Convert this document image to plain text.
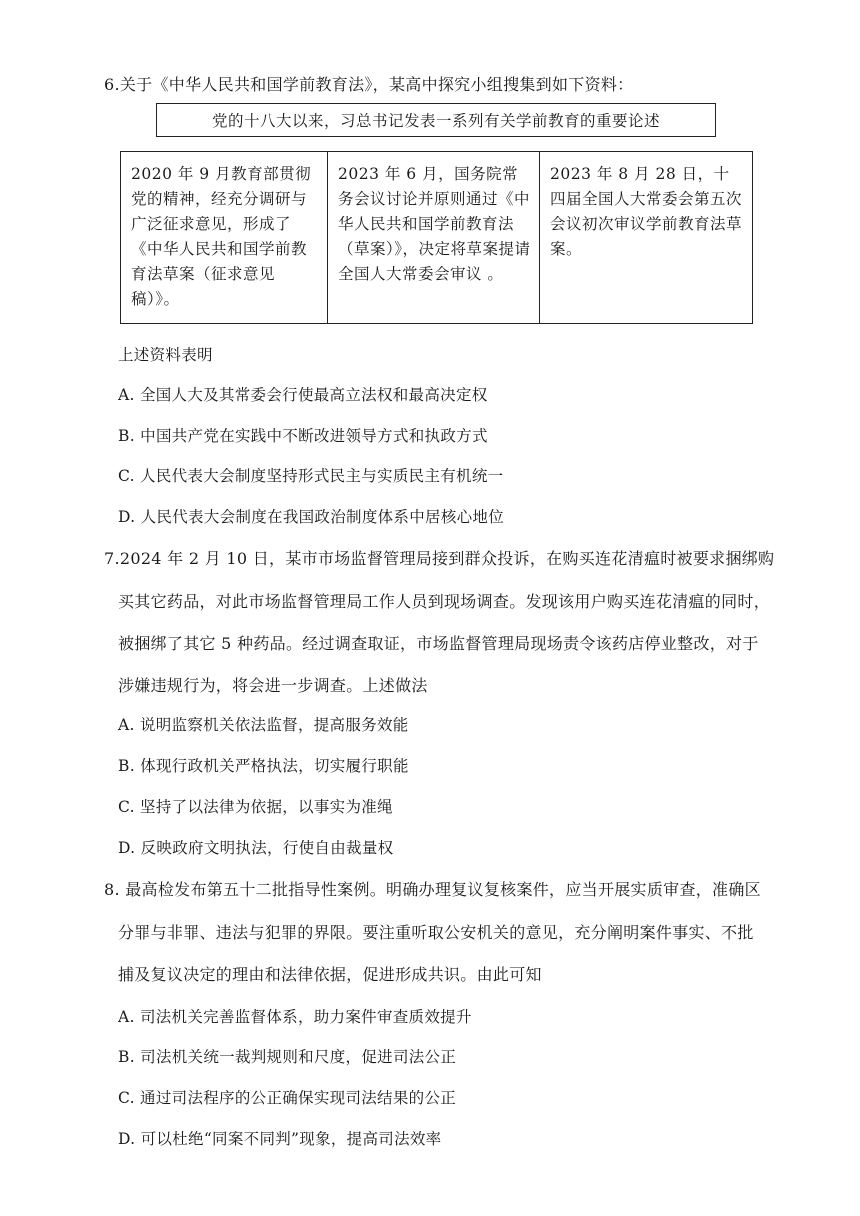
6.关于《中华人民共和国学前教育法》，某高中探究小组搜集到如下资料：
党的十八大以来，习总书记发表一系列有关学前教育的重要论述
2020 年 9 月教育部贯彻党的精神，经充分调研与广泛征求意见，形成了《中华人民共和国学前教育法草案（征求意见稿）》。
2023 年 6 月，国务院常务会议讨论并原则通过《中华人民共和国学前教育法（草案）》，决定将草案提请全国人大常委会审议 。
2023 年 8 月 28 日，十四届全国人大常委会第五次会议初次审议学前教育法草案。
上述资料表明
A. 全国人大及其常委会行使最高立法权和最高决定权
B. 中国共产党在实践中不断改进领导方式和执政方式
C. 人民代表大会制度坚持形式民主与实质民主有机统一
D. 人民代表大会制度在我国政治制度体系中居核心地位
7.2024 年 2 月 10 日，某市市场监督管理局接到群众投诉，在购买连花清瘟时被要求捆绑购
买其它药品，对此市场监督管理局工作人员到现场调查。发现该用户购买连花清瘟的同时，
被捆绑了其它 5 种药品。经过调查取证，市场监督管理局现场责令该药店停业整改，对于
涉嫌违规行为，将会进一步调查。上述做法
A. 说明监察机关依法监督，提高服务效能
B. 体现行政机关严格执法，切实履行职能
C. 坚持了以法律为依据，以事实为准绳
D. 反映政府文明执法，行使自由裁量权
8. 最高检发布第五十二批指导性案例。明确办理复议复核案件，应当开展实质审查，准确区
分罪与非罪、违法与犯罪的界限。要注重听取公安机关的意见，充分阐明案件事实、不批
捕及复议决定的理由和法律依据，促进形成共识。由此可知
A. 司法机关完善监督体系，助力案件审查质效提升
B. 司法机关统一裁判规则和尺度，促进司法公正
C. 通过司法程序的公正确保实现司法结果的公正
D. 可以杜绝“同案不同判”现象，提高司法效率
